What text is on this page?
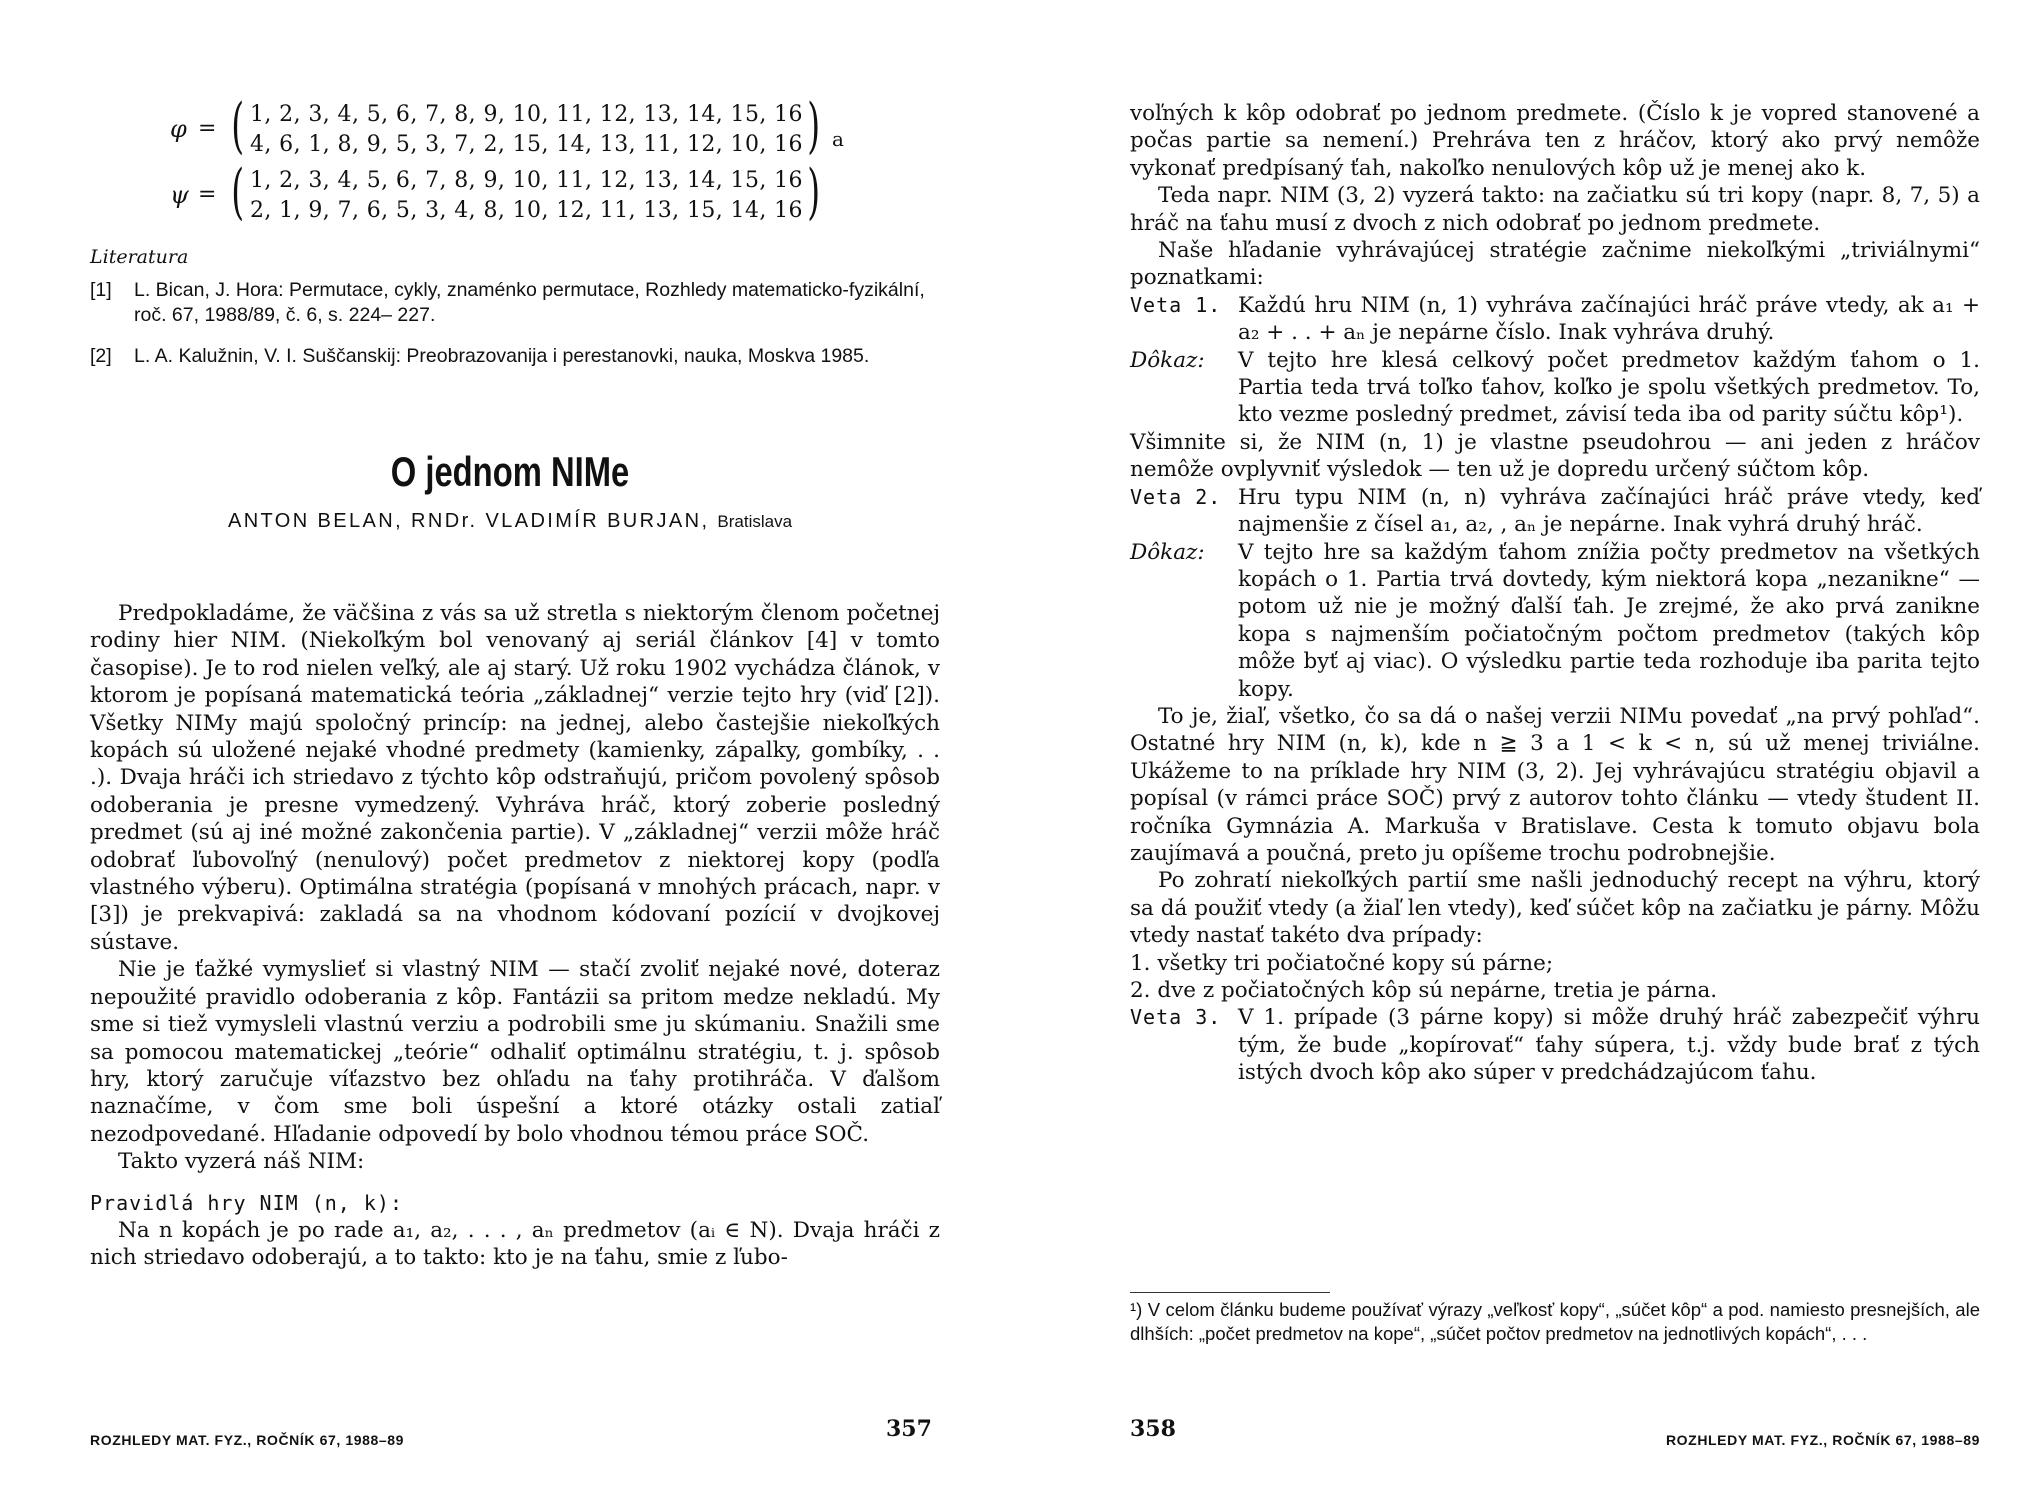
φ = ( 1, 2, 3, 4, 5, 6, 7, 8, 9, 10, 11, 12, 13, 14, 15, 16
4, 6, 1, 8, 9, 5, 3, 7, 2, 15, 14, 13, 11, 12, 10, 16 ) a
ψ = ( 1, 2, 3, 4, 5, 6, 7, 8, 9, 10, 11, 12, 13, 14, 15, 16
2, 1, 9, 7, 6, 5, 3, 4, 8, 10, 12, 11, 13, 15, 14, 16 )
Literatura
[1] L. Bican, J. Hora: Permutace, cykly, znaménko permutace, Rozhledy matematicko-fyzikální, roč. 67, 1988/89, č. 6, s. 224– 227.
[2] L. A. Kalužnin, V. I. Suščanskij: Preobrazovanija i perestanovki, nauka, Moskva 1985.
O jednom NIMe
ANTON BELAN, RNDr. VLADIMÍR BURJAN, Bratislava

Predpokladáme, že väčšina z vás sa už stretla s niektorým členom početnej rodiny hier NIM. (Niekoľkým bol venovaný aj seriál článkov [4] v tomto časopise). Je to rod nielen veľký, ale aj starý. Už roku 1902 vychádza článok, v ktorom je popísaná matematická teória „základnej“ verzie tejto hry (viď [2]). Všetky NIMy majú spoločný princíp: na jednej, alebo častejšie niekoľkých kopách sú uložené nejaké vhodné predmety (kamienky, zápalky, gombíky, . . .). Dvaja hráči ich striedavo z týchto kôp odstraňujú, pričom povolený spôsob odoberania je presne vymedzený. Vyhráva hráč, ktorý zoberie posledný predmet (sú aj iné možné zakončenia partie). V „základnej“ verzii môže hráč odobrať ľubovoľný (nenulový) počet predmetov z niektorej kopy (podľa vlastného výberu). Optimálna stratégia (popísaná v mnohých prácach, napr. v [3]) je prekvapivá: zakladá sa na vhodnom kódovaní pozícií v dvojkovej sústave.

Nie je ťažké vymyslieť si vlastný NIM — stačí zvoliť nejaké nové, doteraz nepoužité pravidlo odoberania z kôp. Fantázii sa pritom medze nekladú. My sme si tiež vymysleli vlastnú verziu a podrobili sme ju skúmaniu. Snažili sme sa pomocou matematickej „teórie“ odhaliť optimálnu stratégiu, t. j. spôsob hry, ktorý zaručuje víťazstvo bez ohľadu na ťahy protihráča. V ďalšom naznačíme, v čom sme boli úspešní a ktoré otázky ostali zatiaľ nezodpovedané. Hľadanie odpovedí by bolo vhodnou témou práce SOČ.

Takto vyzerá náš NIM:

Pravidlá hry NIM (n, k):

Na n kopách je po rade a₁, a₂, . . . , aₙ predmetov (aᵢ ∈ N). Dvaja hráči z nich striedavo odoberajú, a to takto: kto je na ťahu, smie z ľubo-

ROZHLEDY MAT. FYZ., ROČNÍK 67, 1988–89	357

voľných k kôp odobrať po jednom predmete. (Číslo k je vopred stanovené a počas partie sa nemení.) Prehráva ten z hráčov, ktorý ako prvý nemôže vykonať predpísaný ťah, nakoľko nenulových kôp už je menej ako k.

Teda napr. NIM (3, 2) vyzerá takto: na začiatku sú tri kopy (napr. 8, 7, 5) a hráč na ťahu musí z dvoch z nich odobrať po jednom predmete.

Naše hľadanie vyhrávajúcej stratégie začnime niekoľkými „triviálnymi“ poznatkami:

Veta 1. Každú hru NIM (n, 1) vyhráva začínajúci hráč práve vtedy, ak a₁ + a₂ + . . + aₙ je nepárne číslo. Inak vyhráva druhý.
Dôkaz:	V tejto hre klesá celkový počet predmetov každým ťahom o 1. Partia teda trvá toľko ťahov, koľko je spolu všetkých predmetov. To, kto vezme posledný predmet, závisí teda iba od parity súčtu kôp¹).

Všimnite si, že NIM (n, 1) je vlastne pseudohrou — ani jeden z hráčov nemôže ovplyvniť výsledok — ten už je dopredu určený súčtom kôp.

Veta 2. Hru typu NIM (n, n) vyhráva začínajúci hráč práve vtedy, keď najmenšie z čísel a₁, a₂, , aₙ je nepárne. Inak vyhrá druhý hráč.
Dôkaz:	V tejto hre sa každým ťahom znížia počty predmetov na všetkých kopách o 1. Partia trvá dovtedy, kým niektorá kopa „nezanikne“ — potom už nie je možný ďalší ťah. Je zrejmé, že ako prvá zanikne kopa s najmenším počiatočným počtom predmetov (takých kôp môže byť aj viac). O výsledku partie teda rozhoduje iba parita tejto kopy.

To je, žiaľ, všetko, čo sa dá o našej verzii NIMu povedať „na prvý pohľad“. Ostatné hry NIM (n, k), kde n ≧ 3 a 1 < k < n, sú už menej triviálne. Ukážeme to na príklade hry NIM (3, 2). Jej vyhrávajúcu stratégiu objavil a popísal (v rámci práce SOČ) prvý z autorov tohto článku — vtedy študent II. ročníka Gymnázia A. Markuša v Bratislave. Cesta k tomuto objavu bola zaujímavá a poučná, preto ju opíšeme trochu podrobnejšie.

Po zohratí niekoľkých partií sme našli jednoduchý recept na výhru, ktorý sa dá použiť vtedy (a žiaľ len vtedy), keď súčet kôp na začiatku je párny. Môžu vtedy nastať takéto dva prípady:

1. všetky tri počiatočné kopy sú párne;

2. dve z počiatočných kôp sú nepárne, tretia je párna.

Veta 3. V 1. prípade (3 párne kopy) si môže druhý hráč zabezpečiť výhru tým, že bude „kopírovať“ ťahy súpera, t.j. vždy bude brať z tých istých dvoch kôp ako súper v predchádzajúcom ťahu.
¹) V celom článku budeme používať výrazy „veľkosť kopy“, „súčet kôp“ a pod. namiesto presnejších, ale dlhších: „počet predmetov na kope“, „súčet počtov predmetov na jednotlivých kopách“, . . .
358	ROZHLEDY MAT. FYZ., ROČNÍK 67, 1988–89
